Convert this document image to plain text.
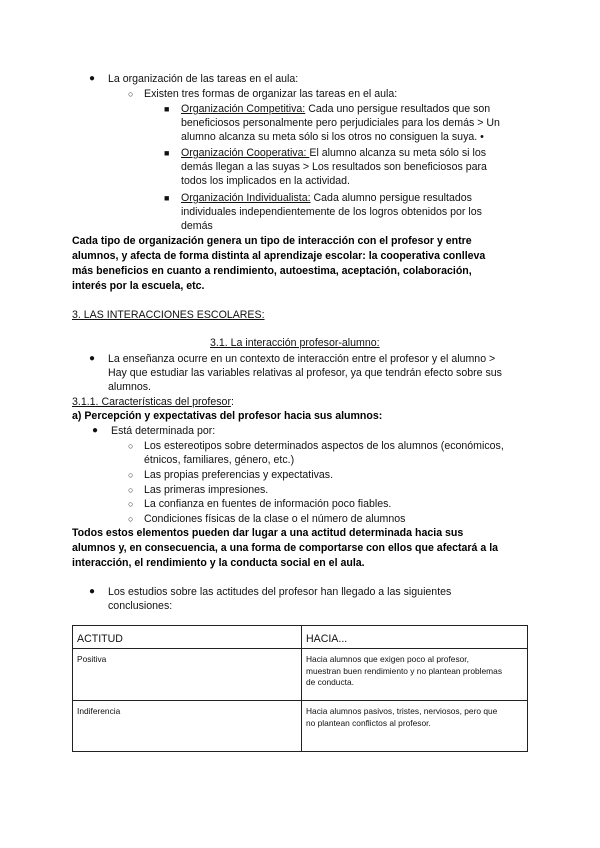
● La organización de las tareas en el aula:
○ Existen tres formas de organizar las tareas en el aula:
■ Organización Competitiva: Cada uno persigue resultados que son
beneficiosos personalmente pero perjudiciales para los demás > Un
alumno alcanza su meta sólo si los otros no consiguen la suya. •
■ Organización Cooperativa: El alumno alcanza su meta sólo si los
demás llegan a las suyas > Los resultados son beneficiosos para
todos los implicados en la actividad.
■ Organización Individualista: Cada alumno persigue resultados
individuales independientemente de los logros obtenidos por los
demás
Cada tipo de organización genera un tipo de interacción con el profesor y entre
alumnos, y afecta de forma distinta al aprendizaje escolar: la cooperativa conlleva
más beneficios en cuanto a rendimiento, autoestima, aceptación, colaboración,
interés por la escuela, etc.
3. LAS INTERACCIONES ESCOLARES:
3.1. La interacción profesor-alumno:
● La enseñanza ocurre en un contexto de interacción entre el profesor y el alumno >
Hay que estudiar las variables relativas al profesor, ya que tendrán efecto sobre sus
alumnos.
3.1.1. Características del profesor:
a) Percepción y expectativas del profesor hacia sus alumnos:
● Está determinada por:
○ Los estereotipos sobre determinados aspectos de los alumnos (económicos,
étnicos, familiares, género, etc.)
○ Las propias preferencias y expectativas.
○ Las primeras impresiones.
○ La confianza en fuentes de información poco fiables.
○ Condiciones físicas de la clase o el número de alumnos
Todos estos elementos pueden dar lugar a una actitud determinada hacia sus
alumnos y, en consecuencia, a una forma de comportarse con ellos que afectará a la
interacción, el rendimiento y la conducta social en el aula.
● Los estudios sobre las actitudes del profesor han llegado a las siguientes
conclusiones:
ACTITUD	HACIA...

Positiva	Hacia alumnos que exigen poco al profesor,
muestran buen rendimiento y no plantean problemas
de conducta.

Indiferencia	Hacia alumnos pasivos, tristes, nerviosos, pero que
no plantean conflictos al profesor.
